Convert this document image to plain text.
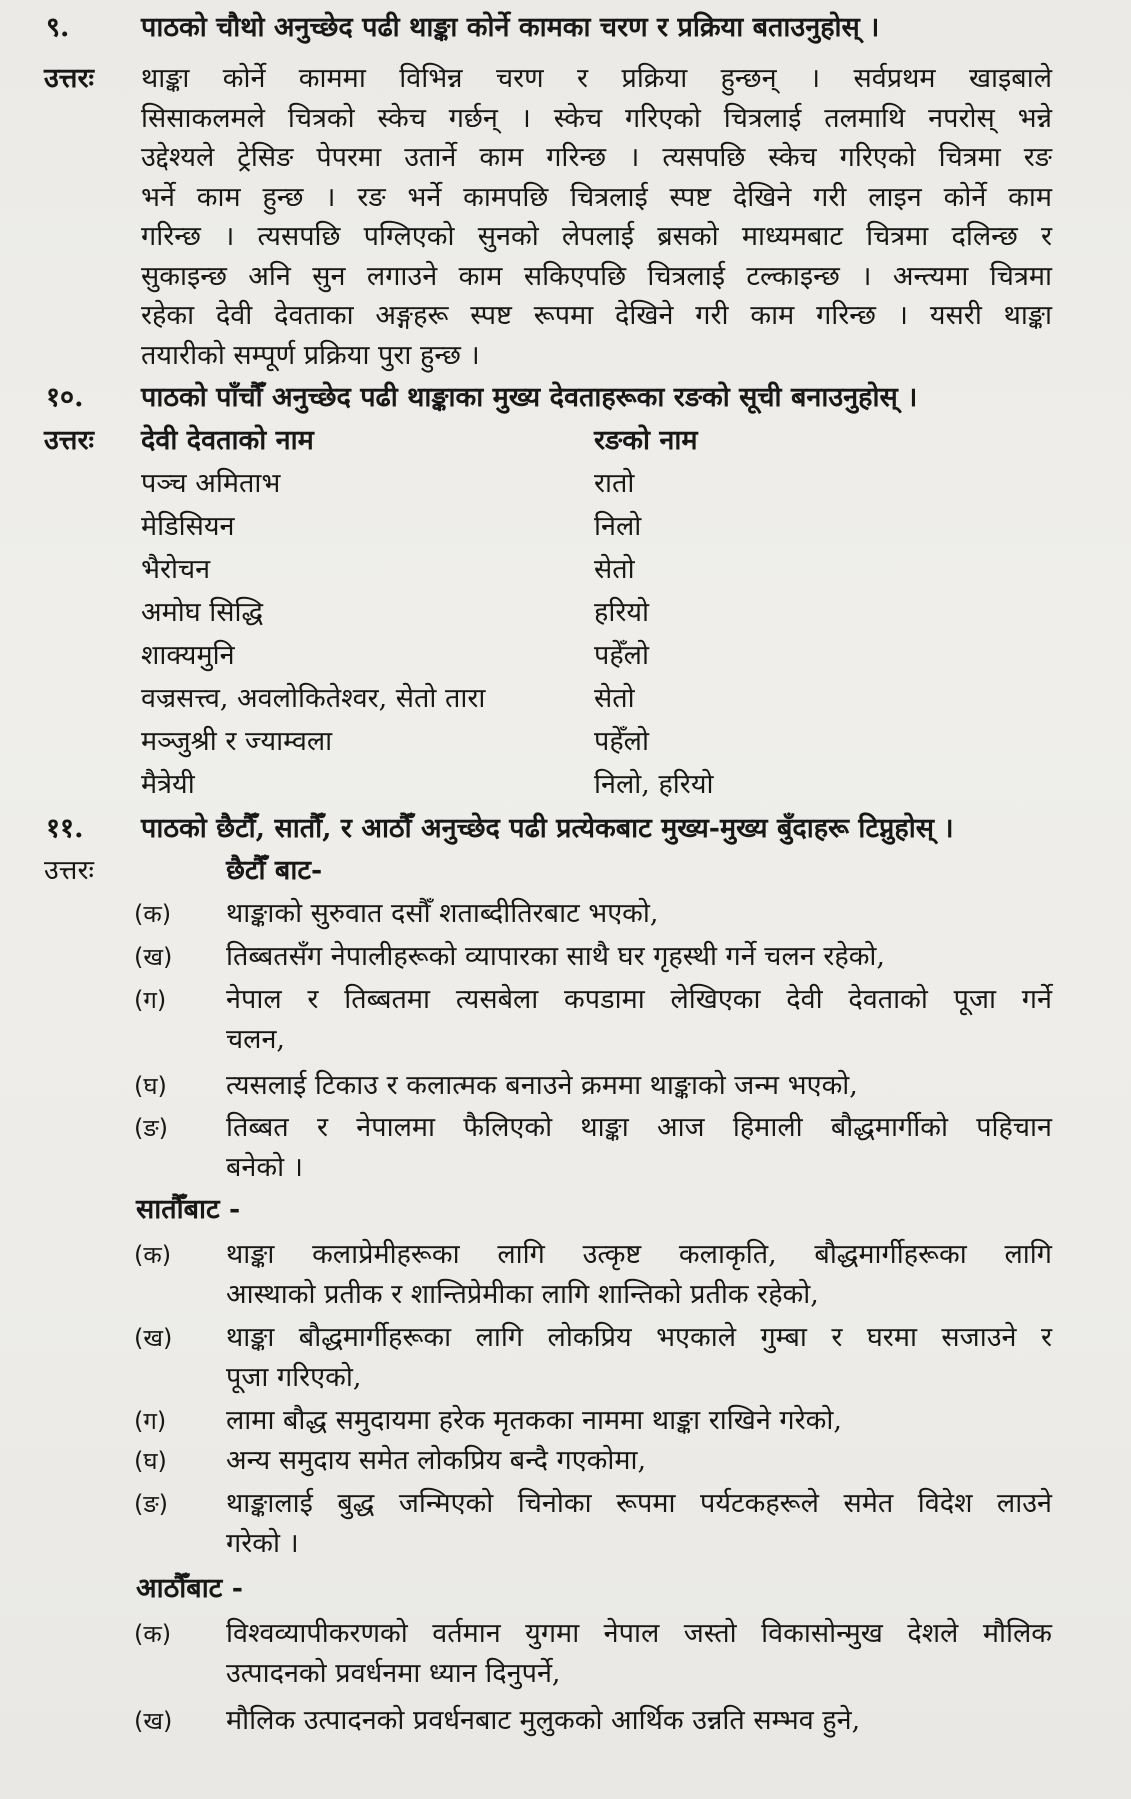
९.	पाठको चौथो अनुच्छेद पढी थाङ्का कोर्ने कामका चरण र प्रक्रिया बताउनुहोस् ।
उत्तरः थाङ्का कोर्ने काममा विभिन्न चरण र प्रक्रिया हुन्छन् । सर्वप्रथम खाइबाले
सिसाकलमले चित्रको स्केच गर्छन् । स्केच गरिएको चित्रलाई तलमाथि नपरोस् भन्ने
उद्देश्यले ट्रेसिङ पेपरमा उतार्ने काम गरिन्छ । त्यसपछि स्केच गरिएको चित्रमा रङ
भर्ने काम हुन्छ । रङ भर्ने कामपछि चित्रलाई स्पष्ट देखिने गरी लाइन कोर्ने काम
गरिन्छ । त्यसपछि पग्लिएको सुनको लेपलाई ब्रसको माध्यमबाट चित्रमा दलिन्छ र
सुकाइन्छ अनि सुन लगाउने काम सकिएपछि चित्रलाई टल्काइन्छ । अन्त्यमा चित्रमा
रहेका देवी देवताका अङ्गहरू स्पष्ट रूपमा देखिने गरी काम गरिन्छ । यसरी थाङ्का
तयारीको सम्पूर्ण प्रक्रिया पुरा हुन्छ ।
१०. पाठको पाँचौँ अनुच्छेद पढी थाङ्काका मुख्य देवताहरूका रङको सूची बनाउनुहोस् ।
उत्तरः देवी देवताको नाम	रङको नाम
पञ्च अमिताभ	रातो
मेडिसियन	निलो
भैरोचन	सेतो
अमोघ सिद्धि	हरियो
शाक्यमुनि	पहेँलो
वज्रसत्त्व, अवलोकितेश्वर, सेतो तारा	सेतो
मञ्जुश्री र ज्याम्वला	पहेँलो
मैत्रेयी	निलो, हरियो
११. पाठको छैटौँ, सातौँ, र आठौँ अनुच्छेद पढी प्रत्येकबाट मुख्य-मुख्य बुँदाहरू टिप्नुहोस् ।
उत्तरः	छैटौँ बाट-
(क) थाङ्काको सुरुवात दसौँ शताब्दीतिरबाट भएको,
(ख) तिब्बतसँग नेपालीहरूको व्यापारका साथै घर गृहस्थी गर्ने चलन रहेको,
(ग) नेपाल र तिब्बतमा त्यसबेला कपडामा लेखिएका देवी देवताको पूजा गर्ने
चलन,
(घ) त्यसलाई टिकाउ र कलात्मक बनाउने क्रममा थाङ्काको जन्म भएको,
(ङ) तिब्बत र नेपालमा फैलिएको थाङ्का आज हिमाली बौद्धमार्गीको पहिचान
बनेको ।
सातौँबाट -
(क) थाङ्का कलाप्रेमीहरूका लागि उत्कृष्ट कलाकृति, बौद्धमार्गीहरूका लागि
आस्थाको प्रतीक र शान्तिप्रेमीका लागि शान्तिको प्रतीक रहेको,
(ख) थाङ्का बौद्धमार्गीहरूका लागि लोकप्रिय भएकाले गुम्बा र घरमा सजाउने र
पूजा गरिएको,
(ग) लामा बौद्ध समुदायमा हरेक मृतकका नाममा थाङ्का राखिने गरेको,
(घ) अन्य समुदाय समेत लोकप्रिय बन्दै गएकोमा,
(ङ) थाङ्कालाई बुद्ध जन्मिएको चिनोका रूपमा पर्यटकहरूले समेत विदेश लाउने
गरेको ।
आठौँबाट -
(क) विश्वव्यापीकरणको वर्तमान युगमा नेपाल जस्तो विकासोन्मुख देशले मौलिक
उत्पादनको प्रवर्धनमा ध्यान दिनुपर्ने,
(ख) मौलिक उत्पादनको प्रवर्धनबाट मुलुकको आर्थिक उन्नति सम्भव हुने,
